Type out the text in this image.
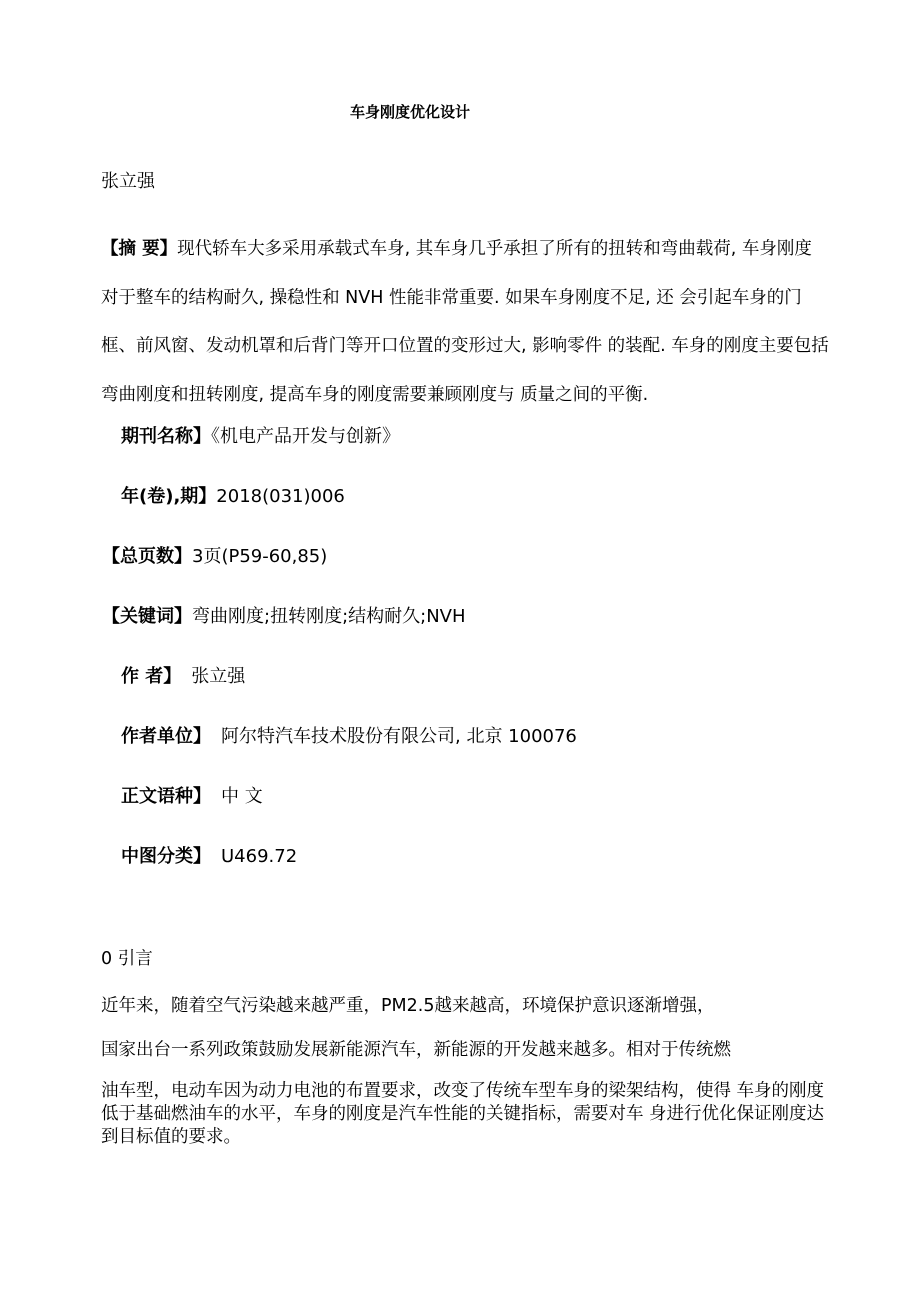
车身刚度优化设计
张立强
【摘 要】现代轿车大多采用承载式车身, 其车身几乎承担了所有的扭转和弯曲载荷, 车身刚度对于整车的结构耐久, 操稳性和 NVH 性能非常重要. 如果车身刚度不足, 还 会引起车身的门框、前风窗、发动机罩和后背门等开口位置的变形过大, 影响零件 的装配. 车身的刚度主要包括弯曲刚度和扭转刚度, 提高车身的刚度需要兼顾刚度与 质量之间的平衡.
期刊名称】《机电产品开发与创新》
年(卷),期】2018(031)006
【总页数】3页(P59-60,85)
【关键词】弯曲刚度;扭转刚度;结构耐久;NVH
作 者】 张立强
作者单位】 阿尔特汽车技术股份有限公司, 北京 100076
正文语种】 中 文
中图分类】 U469.72
0 引言
近年来，随着空气污染越来越严重，PM2.5越来越高，环境保护意识逐渐增强，
国家出台一系列政策鼓励发展新能源汽车，新能源的开发越来越多。相对于传统燃
油车型，电动车因为动力电池的布置要求，改变了传统车型车身的梁架结构，使得 车身的刚度低于基础燃油车的水平，车身的刚度是汽车性能的关键指标，需要对车 身进行优化保证刚度达到目标值的要求。
